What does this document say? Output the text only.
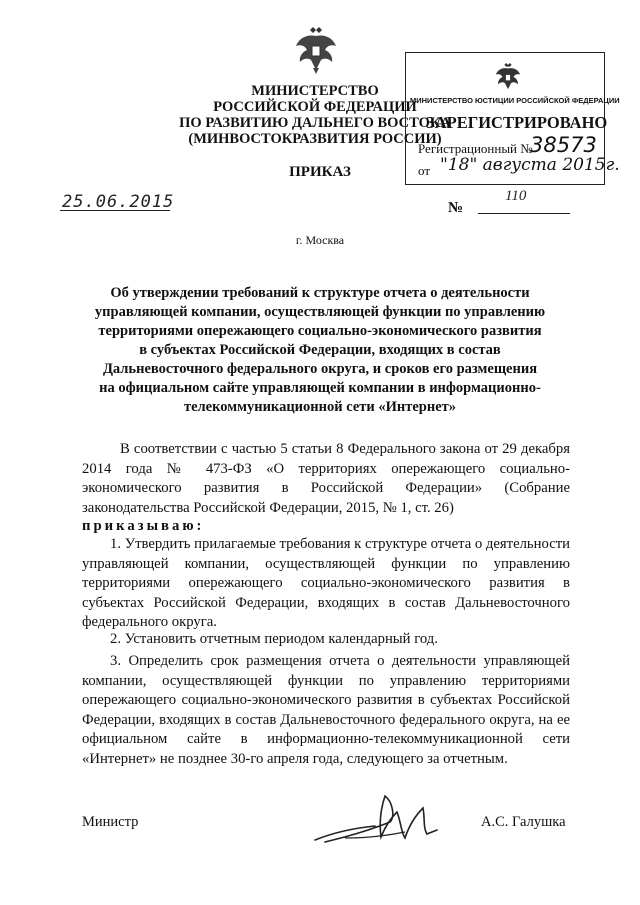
МИНИСТЕРСТВО
РОССИЙСКОЙ ФЕДЕРАЦИИ
ПО РАЗВИТИЮ ДАЛЬНЕГО ВОСТОКА
(МИНВОСТОКРАЗВИТИЯ РОССИИ)
ПРИКАЗ
25.06.2015	№
110
г. Москва
МИНИСТЕРСТВО ЮСТИЦИИ РОССИЙСКОЙ ФЕДЕРАЦИИ
ЗАРЕГИСТРИРОВАНО
Регистрационный №
38573
от "18" августа 2015г.
Об утверждении требований к структуре отчета о деятельности
управляющей компании, осуществляющей функции по управлению
территориями опережающего социально-экономического развития
в субъектах Российской Федерации, входящих в состав
Дальневосточного федерального округа, и сроков его размещения
на официальном сайте управляющей компании в информационно-
телекоммуникационной сети «Интернет»
В соответствии с частью 5 статьи 8 Федерального закона от 29 декабря 2014 года № 473-ФЗ «О территориях опережающего социально-экономического развития в Российской Федерации» (Собрание законодательства Российской Федерации, 2015, № 1, ст. 26)
приказываю:
1. Утвердить прилагаемые требования к структуре отчета о деятельности управляющей компании, осуществляющей функции по управлению территориями опережающего социально-экономического развития в субъектах Российской Федерации, входящих в состав Дальневосточного федерального округа.
2. Установить отчетным периодом календарный год.
3. Определить срок размещения отчета о деятельности управляющей компании, осуществляющей функции по управлению территориями опережающего социально-экономического развития в субъектах Российской Федерации, входящих в состав Дальневосточного федерального округа, на ее официальном сайте в информационно-телекоммуникационной сети «Интернет» не позднее 30-го апреля года, следующего за отчетным.
Министр	А.С. Галушка
